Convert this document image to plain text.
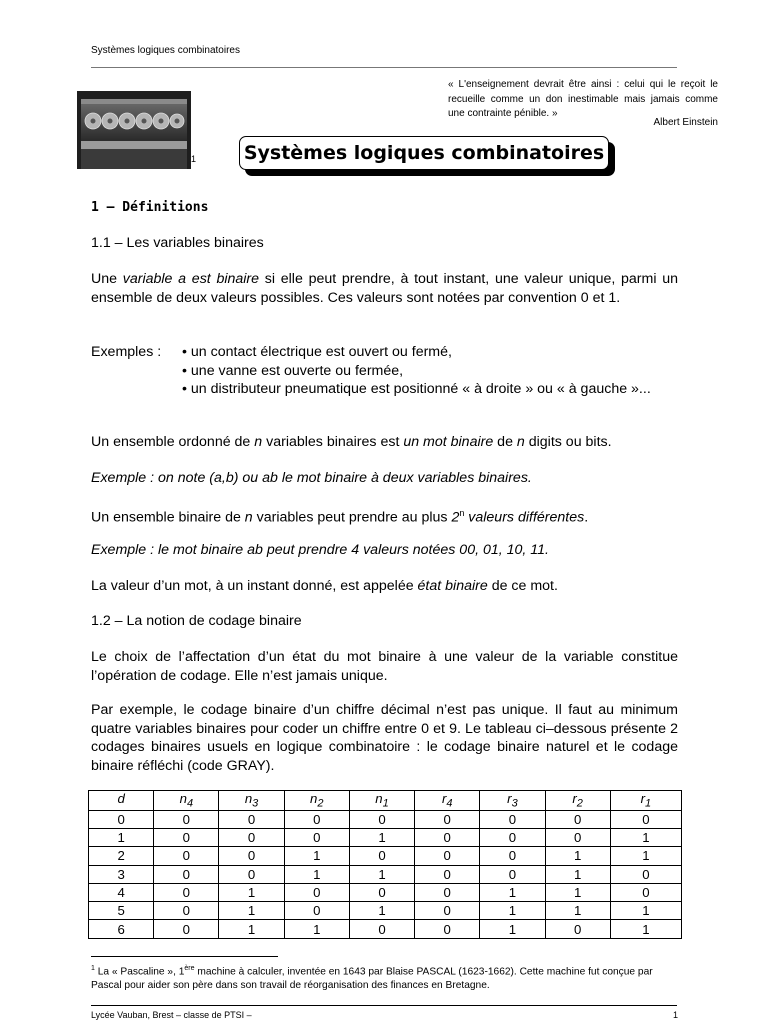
Systèmes logiques combinatoires
« L'enseignement devrait être ainsi : celui qui le reçoit le recueille comme un don inestimable mais jamais comme une contrainte pénible. »
Albert Einstein
1	Systèmes logiques combinatoires
1 – Définitions
1.1 – Les variables binaires
Une variable a est binaire si elle peut prendre, à tout instant, une valeur unique, parmi un ensemble de deux valeurs possibles. Ces valeurs sont notées par convention 0 et 1.
Exemples :	• un contact électrique est ouvert ou fermé,
• une vanne est ouverte ou fermée,
• un distributeur pneumatique est positionné « à droite » ou « à gauche »...
Un ensemble ordonné de n variables binaires est un mot binaire de n digits ou bits.
Exemple : on note (a,b) ou ab le mot binaire à deux variables binaires.
Un ensemble binaire de n variables peut prendre au plus 2$^n$ valeurs différentes.
Exemple : le mot binaire ab peut prendre 4 valeurs notées 00, 01, 10, 11.
La valeur d’un mot, à un instant donné, est appelée état binaire de ce mot.
1.2 – La notion de codage binaire
Le choix de l’affectation d’un état du mot binaire à une valeur de la variable constitue l’opération de codage. Elle n’est jamais unique.
Par exemple, le codage binaire d’un chiffre décimal n’est pas unique. Il faut au minimum quatre variables binaires pour coder un chiffre entre 0 et 9. Le tableau ci–dessous présente 2 codages binaires usuels en logique combinatoire : le codage binaire naturel et le codage binaire réfléchi (code GRAY).
d	$n_4$	$n_3$	$n_2$	$n_1$	$r_4$	$r_3$	$r_2$	$r_1$
0	0	0	0	0	0	0	0	0
1	0	0	0	1	0	0	0	1
2	0	0	1	0	0	0	1	1
3	0	0	1	1	0	0	1	0
4	0	1	0	0	0	1	1	0
5	0	1	0	1	0	1	1	1
6	0	1	1	0	0	1	0	1
$^1$ La « Pascaline », 1ère machine à calculer, inventée en 1643 par Blaise PASCAL (1623-1662). Cette machine fut conçue par Pascal pour aider son père dans son travail de réorganisation des finances en Bretagne.
Lycée Vauban, Brest – classe de PTSI –	1
